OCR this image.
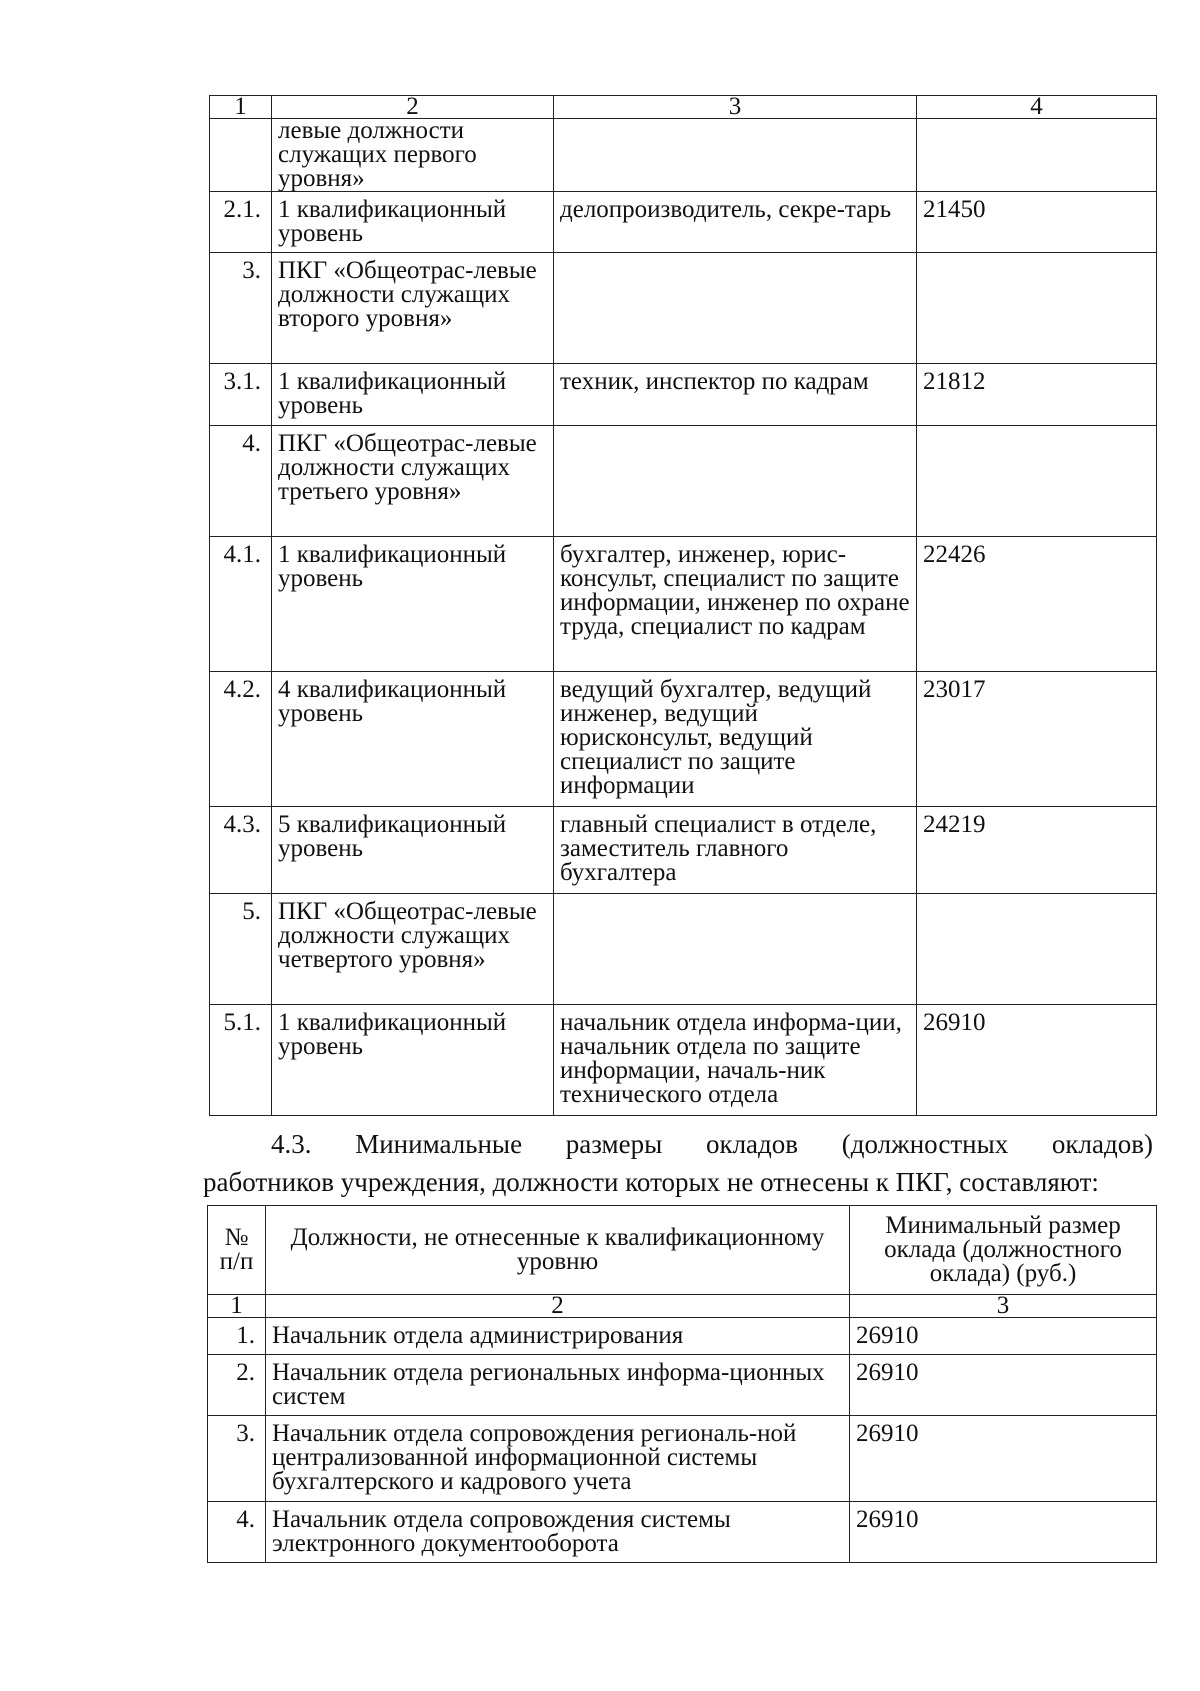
1	2	3	4
	левые должности служащих первого уровня»		
2.1.	1 квалификационный уровень	делопроизводитель, секре-тарь	21450
3.	ПКГ «Общеотрас-левые должности служащих второго уровня»		
3.1.	1 квалификационный уровень	техник, инспектор по кадрам	21812
4.	ПКГ «Общеотрас-левые должности служащих третьего уровня»		
4.1.	1 квалификационный уровень	бухгалтер, инженер, юрис-консульт, специалист по защите информации, инженер по охране труда, специалист по кадрам	22426
4.2.	4 квалификационный уровень	ведущий бухгалтер, ведущий инженер, ведущий юрисконсульт, ведущий специалист по защите информации	23017
4.3.	5 квалификационный уровень	главный специалист в отделе, заместитель главного бухгалтера	24219
5.	ПКГ «Общеотрас-левые должности служащих четвертого уровня»		
5.1.	1 квалификационный уровень	начальник отдела информа-ции, начальник отдела по защите информации, началь-ник технического отдела	26910
4.3. Минимальные размеры окладов (должностных окладов)
работников учреждения, должности которых не отнесены к ПКГ, составляют:
№ п/п	Должности, не отнесенные к квалификационному уровню	Минимальный размер оклада (должностного оклада) (руб.)
1	2	3
1.	Начальник отдела администрирования	26910
2.	Начальник отдела региональных информа-ционных систем	26910
3.	Начальник отдела сопровождения региональ-ной централизованной информационной системы бухгалтерского и кадрового учета	26910
4.	Начальник отдела сопровождения системы электронного документооборота	26910
